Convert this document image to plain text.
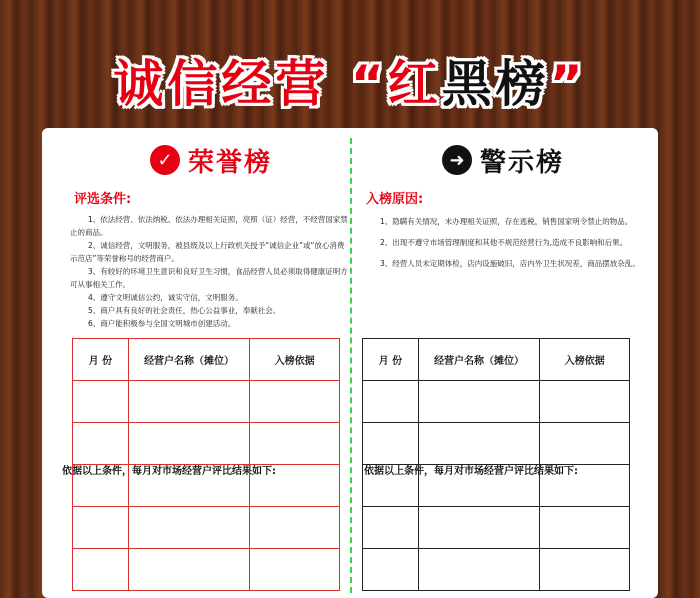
诚信经营 “红黑榜”
✓ 荣誉榜
评选条件:
1、依法经营、依法纳税、依法办理相关证照，亮照（证）经营，不经营国家禁止的商品。
2、诚信经营，文明服务，被县级及以上行政机关授予“诚信企业”或“放心消费示范店”等荣誉称号的经营商户。
3、有较好的环境卫生意识和良好卫生习惯，食品经营人员必须取得健康证明方可从事相关工作。
4、遵守文明诚信公约，诚实守信，文明服务。
5、商户具有良好的社会责任，热心公益事业，奉献社会。
6、商户能积极参与全国文明城市创建活动。
依据以上条件，每月对市场经营户评比结果如下:
月 份	经营户名称（摊位）	入榜依据

➜ 警示榜
入榜原因:
1、隐瞒有关情况，未办理相关证照，存在逃税，销售国家明令禁止的物品。
2、出现不遵守市场管理制度和其他不规范经营行为,造成不良影响和后果。
3、经营人员未定期体检，店内设施破旧，店内外卫生状况差，商品摆放杂乱。
依据以上条件，每月对市场经营户评比结果如下:
月 份	经营户名称（摊位）	入榜依据
